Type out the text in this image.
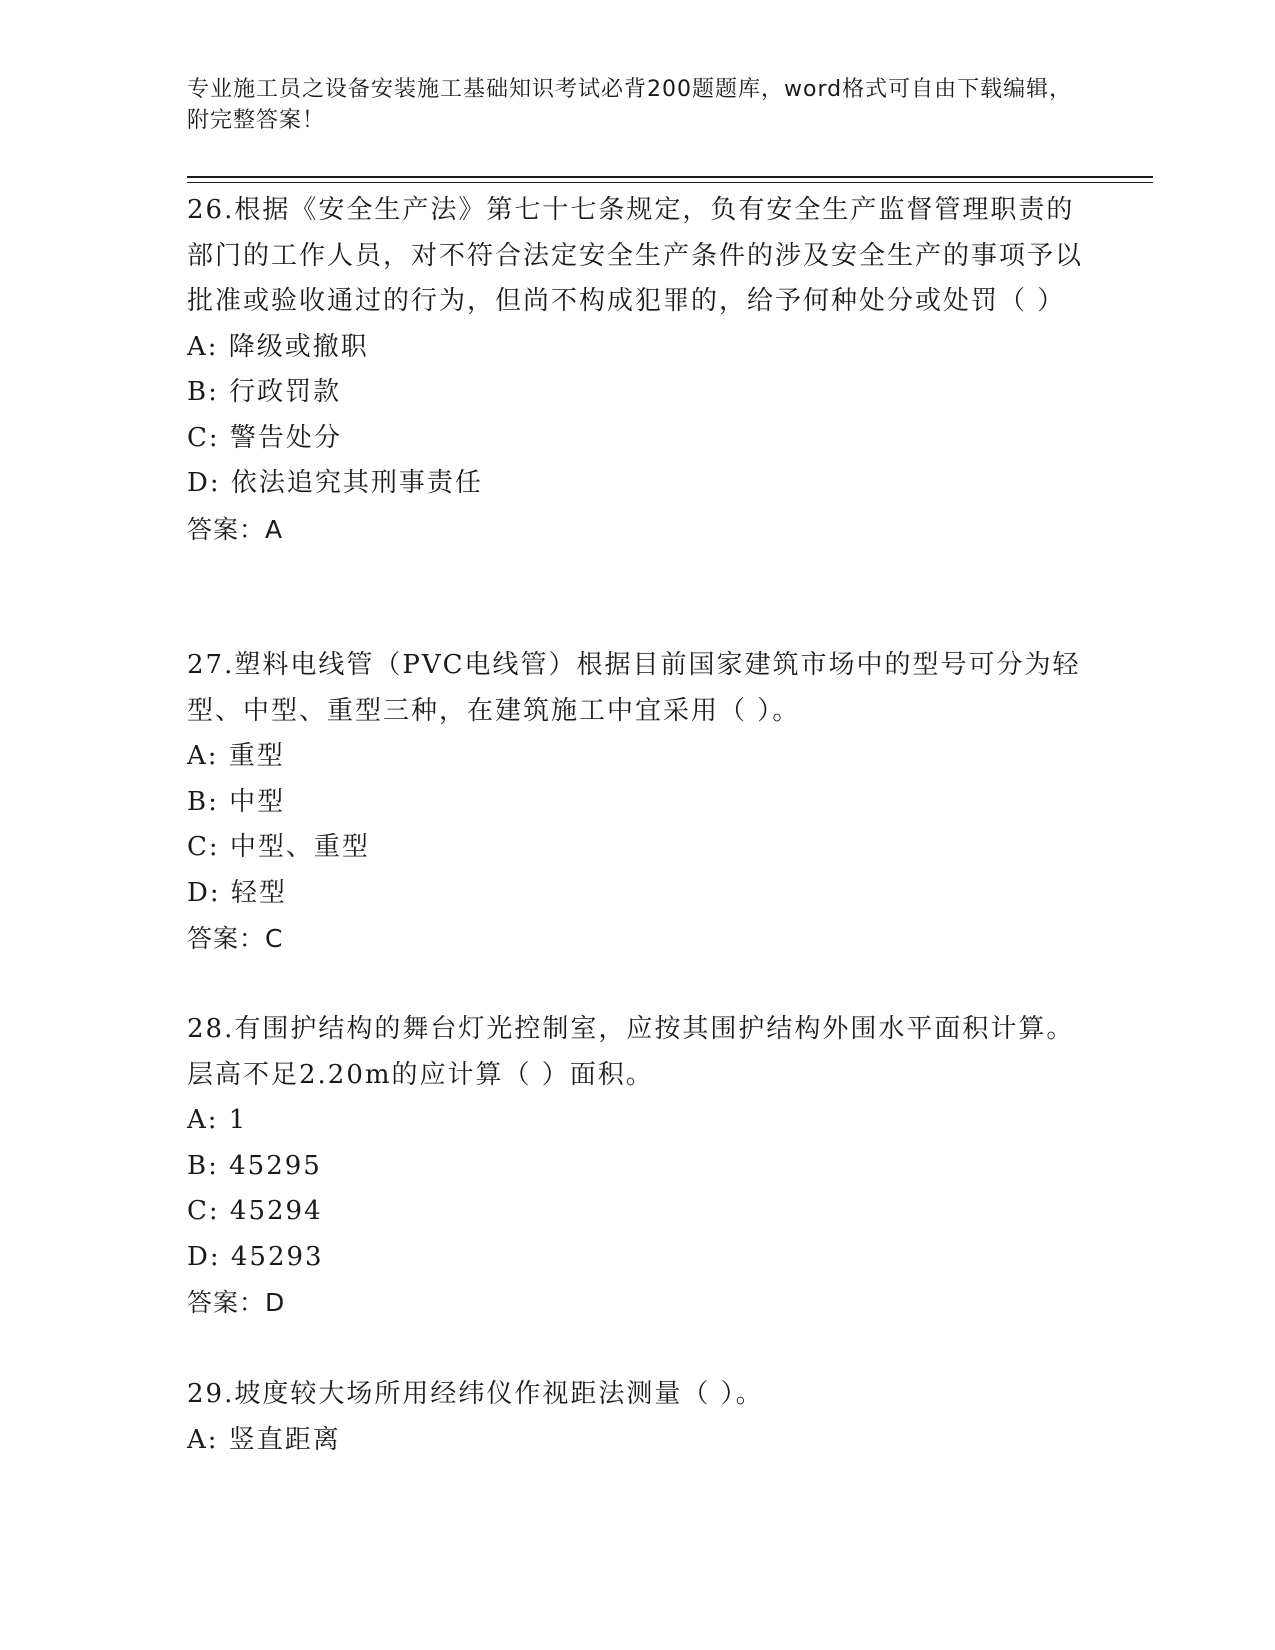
专业施工员之设备安装施工基础知识考试必背200题题库，word格式可自由下载编辑，附完整答案！
26.根据《安全生产法》第七十七条规定，负有安全生产监督管理职责的部门的工作人员，对不符合法定安全生产条件的涉及安全生产的事项予以批准或验收通过的行为，但尚不构成犯罪的，给予何种处分或处罚（ ）
A: 降级或撤职
B: 行政罚款
C: 警告处分
D: 依法追究其刑事责任
答案：A
27.塑料电线管（PVC电线管）根据目前国家建筑市场中的型号可分为轻型、中型、重型三种，在建筑施工中宜采用（ ）。
A: 重型
B: 中型
C: 中型、重型
D: 轻型
答案：C
28.有围护结构的舞台灯光控制室，应按其围护结构外围水平面积计算。层高不足2.20m的应计算（ ）面积。
A: 1
B: 45295
C: 45294
D: 45293
答案：D
29.坡度较大场所用经纬仪作视距法测量（ ）。
A: 竖直距离
